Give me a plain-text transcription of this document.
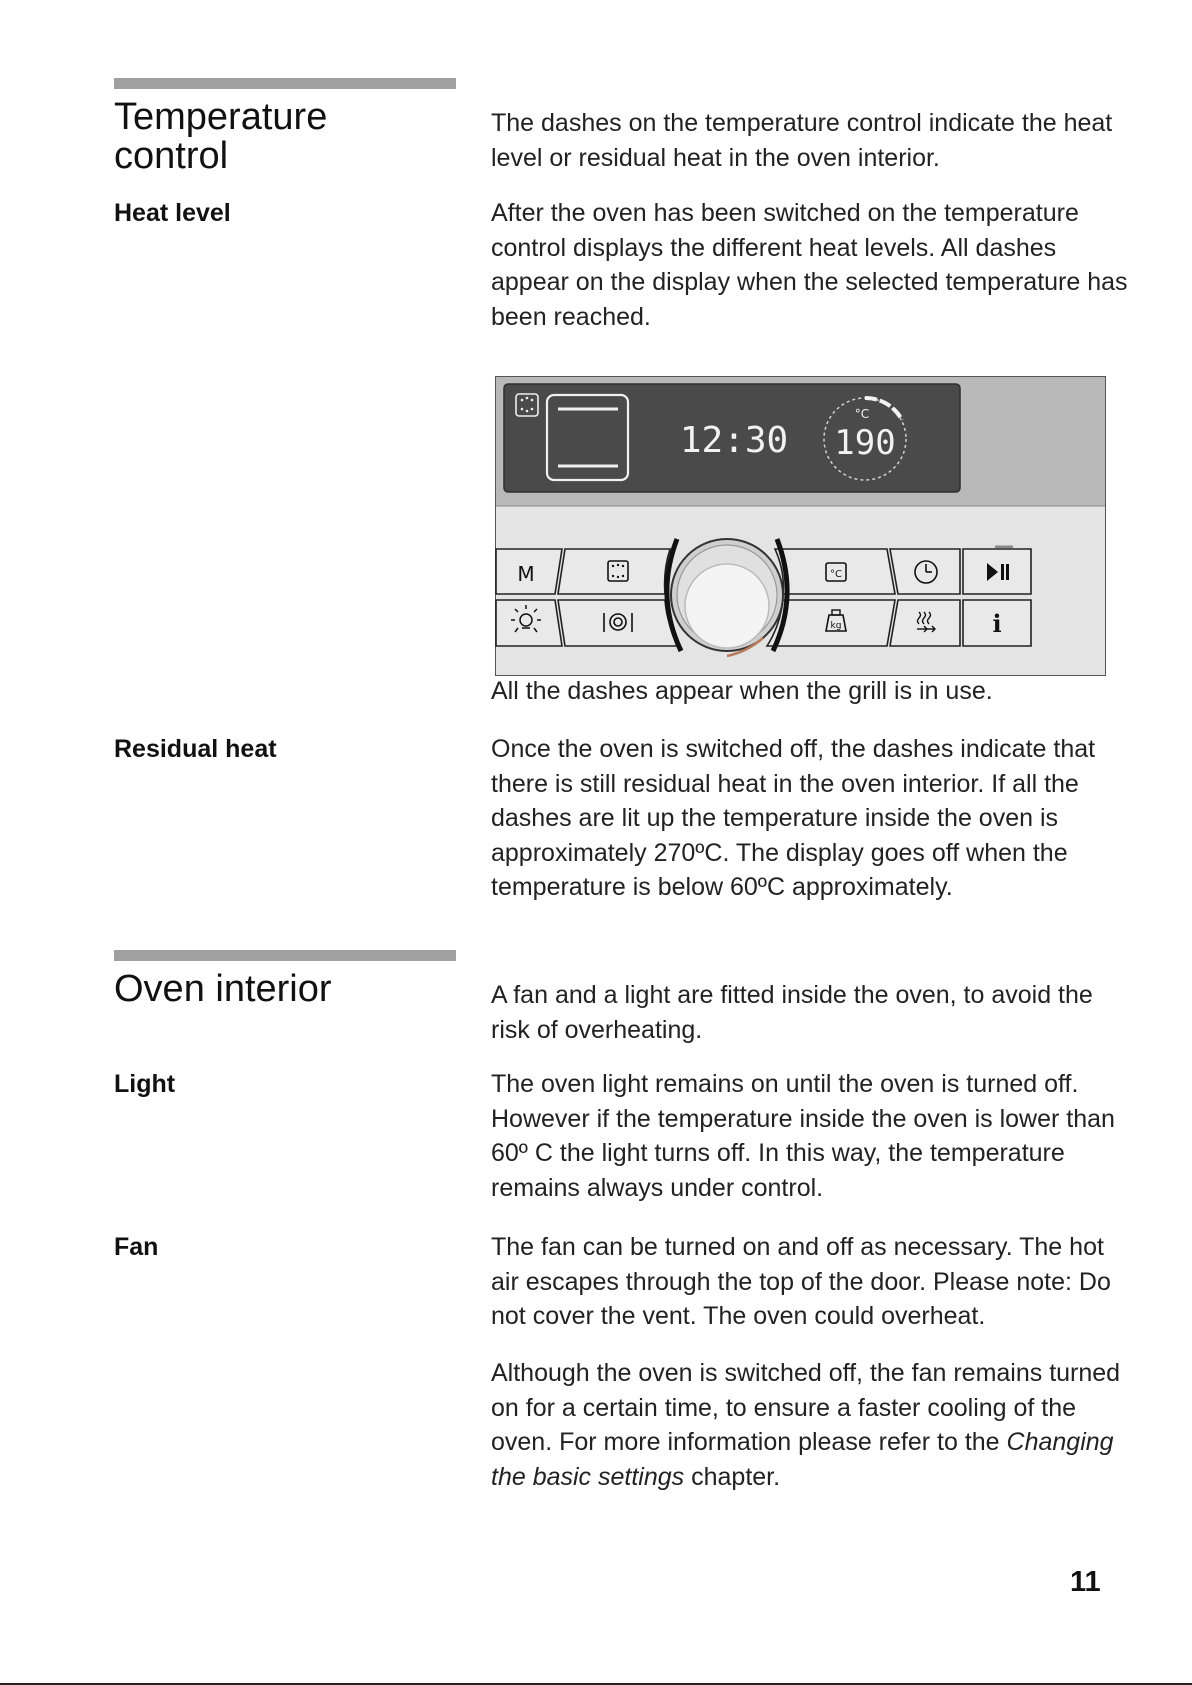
Temperature control

The dashes on the temperature control indicate the heat level or residual heat in the oven interior.

Heat level	After the oven has been switched on the temperature control displays the different heat levels. All dashes appear on the display when the selected temperature has been reached.

12:30
°C
190
M	°C
kg	i

All the dashes appear when the grill is in use.

Residual heat	Once the oven is switched off, the dashes indicate that there is still residual heat in the oven interior. If all the dashes are lit up the temperature inside the oven is approximately 270ºC. The display goes off when the temperature is below 60ºC approximately.

Oven interior	A fan and a light are fitted inside the oven, to avoid the risk of overheating.

Light	The oven light remains on until the oven is turned off. However if the temperature inside the oven is lower than 60º C the light turns off. In this way, the temperature remains always under control.

Fan	The fan can be turned on and off as necessary. The hot air escapes through the top of the door. Please note: Do not cover the vent. The oven could overheat.

Although the oven is switched off, the fan remains turned on for a certain time, to ensure a faster cooling of the oven. For more information please refer to the Changing the basic settings chapter.

11
